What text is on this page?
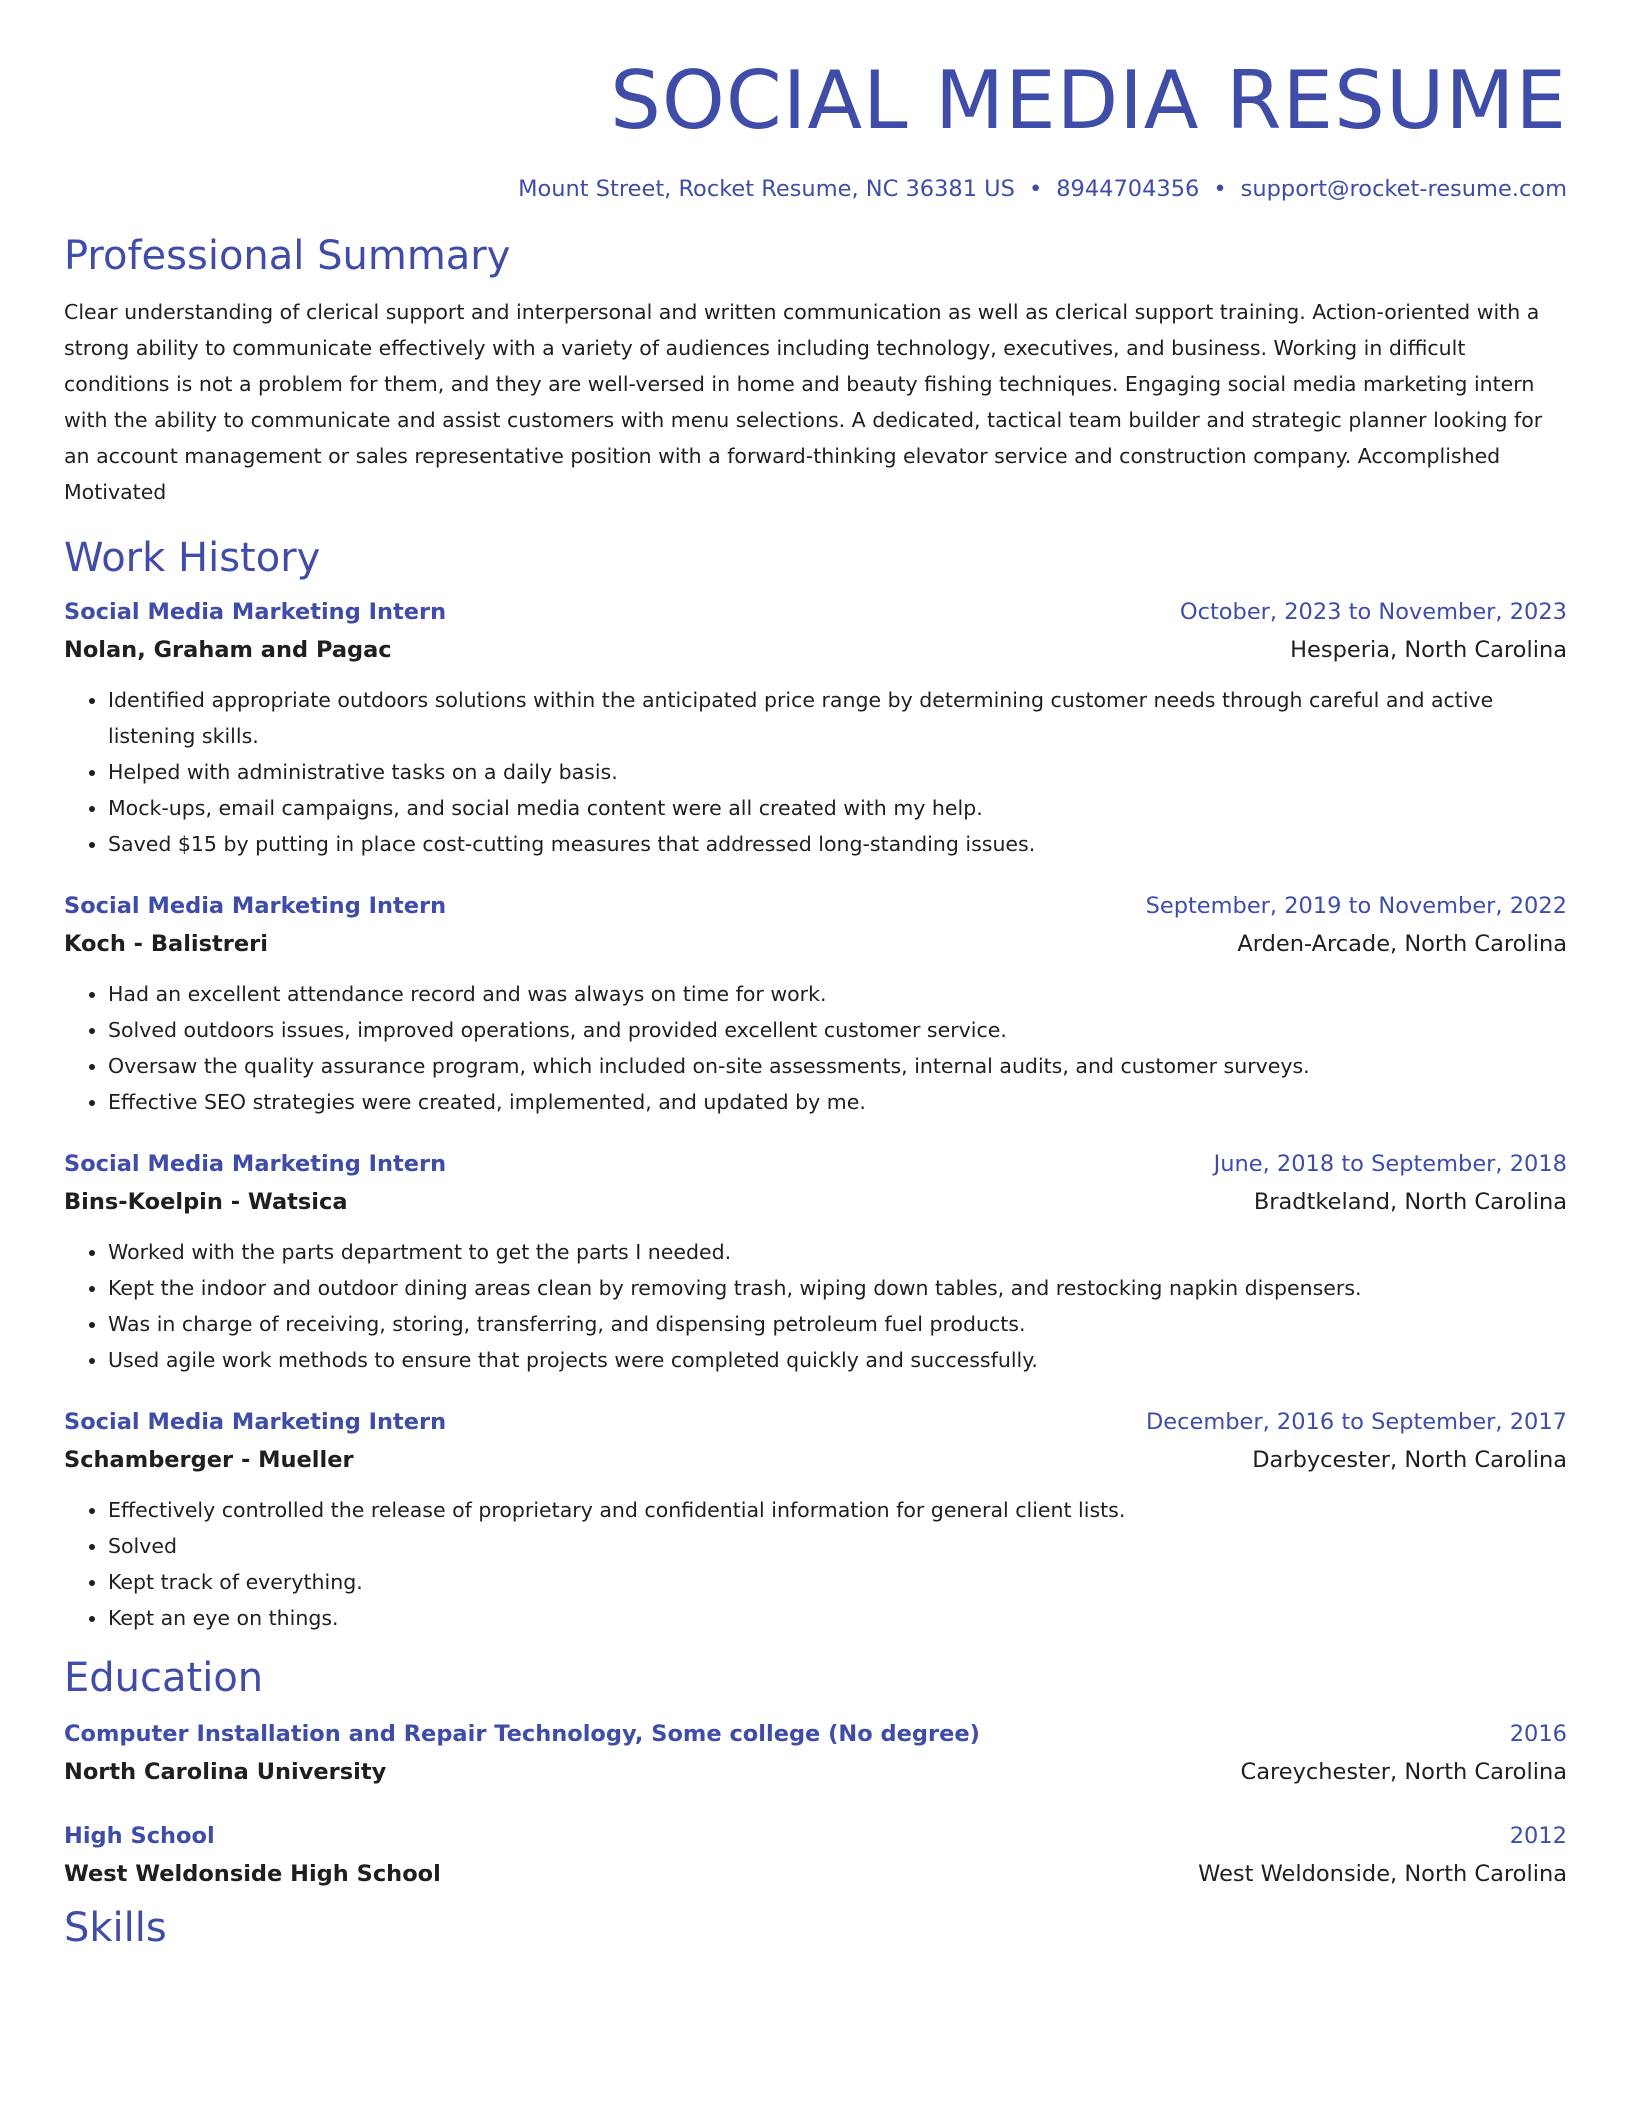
SOCIAL MEDIA RESUME
Mount Street, Rocket Resume, NC 36381 US • 8944704356 • support@rocket-resume.com
Professional Summary
Clear understanding of clerical support and interpersonal and written communication as well as clerical support training. Action-oriented with a strong ability to communicate effectively with a variety of audiences including technology, executives, and business. Working in difficult conditions is not a problem for them, and they are well-versed in home and beauty fishing techniques. Engaging social media marketing intern with the ability to communicate and assist customers with menu selections. A dedicated, tactical team builder and strategic planner looking for an account management or sales representative position with a forward-thinking elevator service and construction company. Accomplished Motivated
Work History
Social Media Marketing Intern	October, 2023 to November, 2023
Nolan, Graham and Pagac	Hesperia, North Carolina
• Identified appropriate outdoors solutions within the anticipated price range by determining customer needs through careful and active listening skills.
• Helped with administrative tasks on a daily basis.
• Mock-ups, email campaigns, and social media content were all created with my help.
• Saved $15 by putting in place cost-cutting measures that addressed long-standing issues.
Social Media Marketing Intern	September, 2019 to November, 2022
Koch - Balistreri	Arden-Arcade, North Carolina
• Had an excellent attendance record and was always on time for work.
• Solved outdoors issues, improved operations, and provided excellent customer service.
• Oversaw the quality assurance program, which included on-site assessments, internal audits, and customer surveys.
• Effective SEO strategies were created, implemented, and updated by me.
Social Media Marketing Intern	June, 2018 to September, 2018
Bins-Koelpin - Watsica	Bradtkeland, North Carolina
• Worked with the parts department to get the parts I needed.
• Kept the indoor and outdoor dining areas clean by removing trash, wiping down tables, and restocking napkin dispensers.
• Was in charge of receiving, storing, transferring, and dispensing petroleum fuel products.
• Used agile work methods to ensure that projects were completed quickly and successfully.
Social Media Marketing Intern	December, 2016 to September, 2017
Schamberger - Mueller	Darbycester, North Carolina
• Effectively controlled the release of proprietary and confidential information for general client lists.
• Solved
• Kept track of everything.
• Kept an eye on things.
Education
Computer Installation and Repair Technology, Some college (No degree)	2016
North Carolina University	Careychester, North Carolina
High School	2012
West Weldonside High School	West Weldonside, North Carolina
Skills
